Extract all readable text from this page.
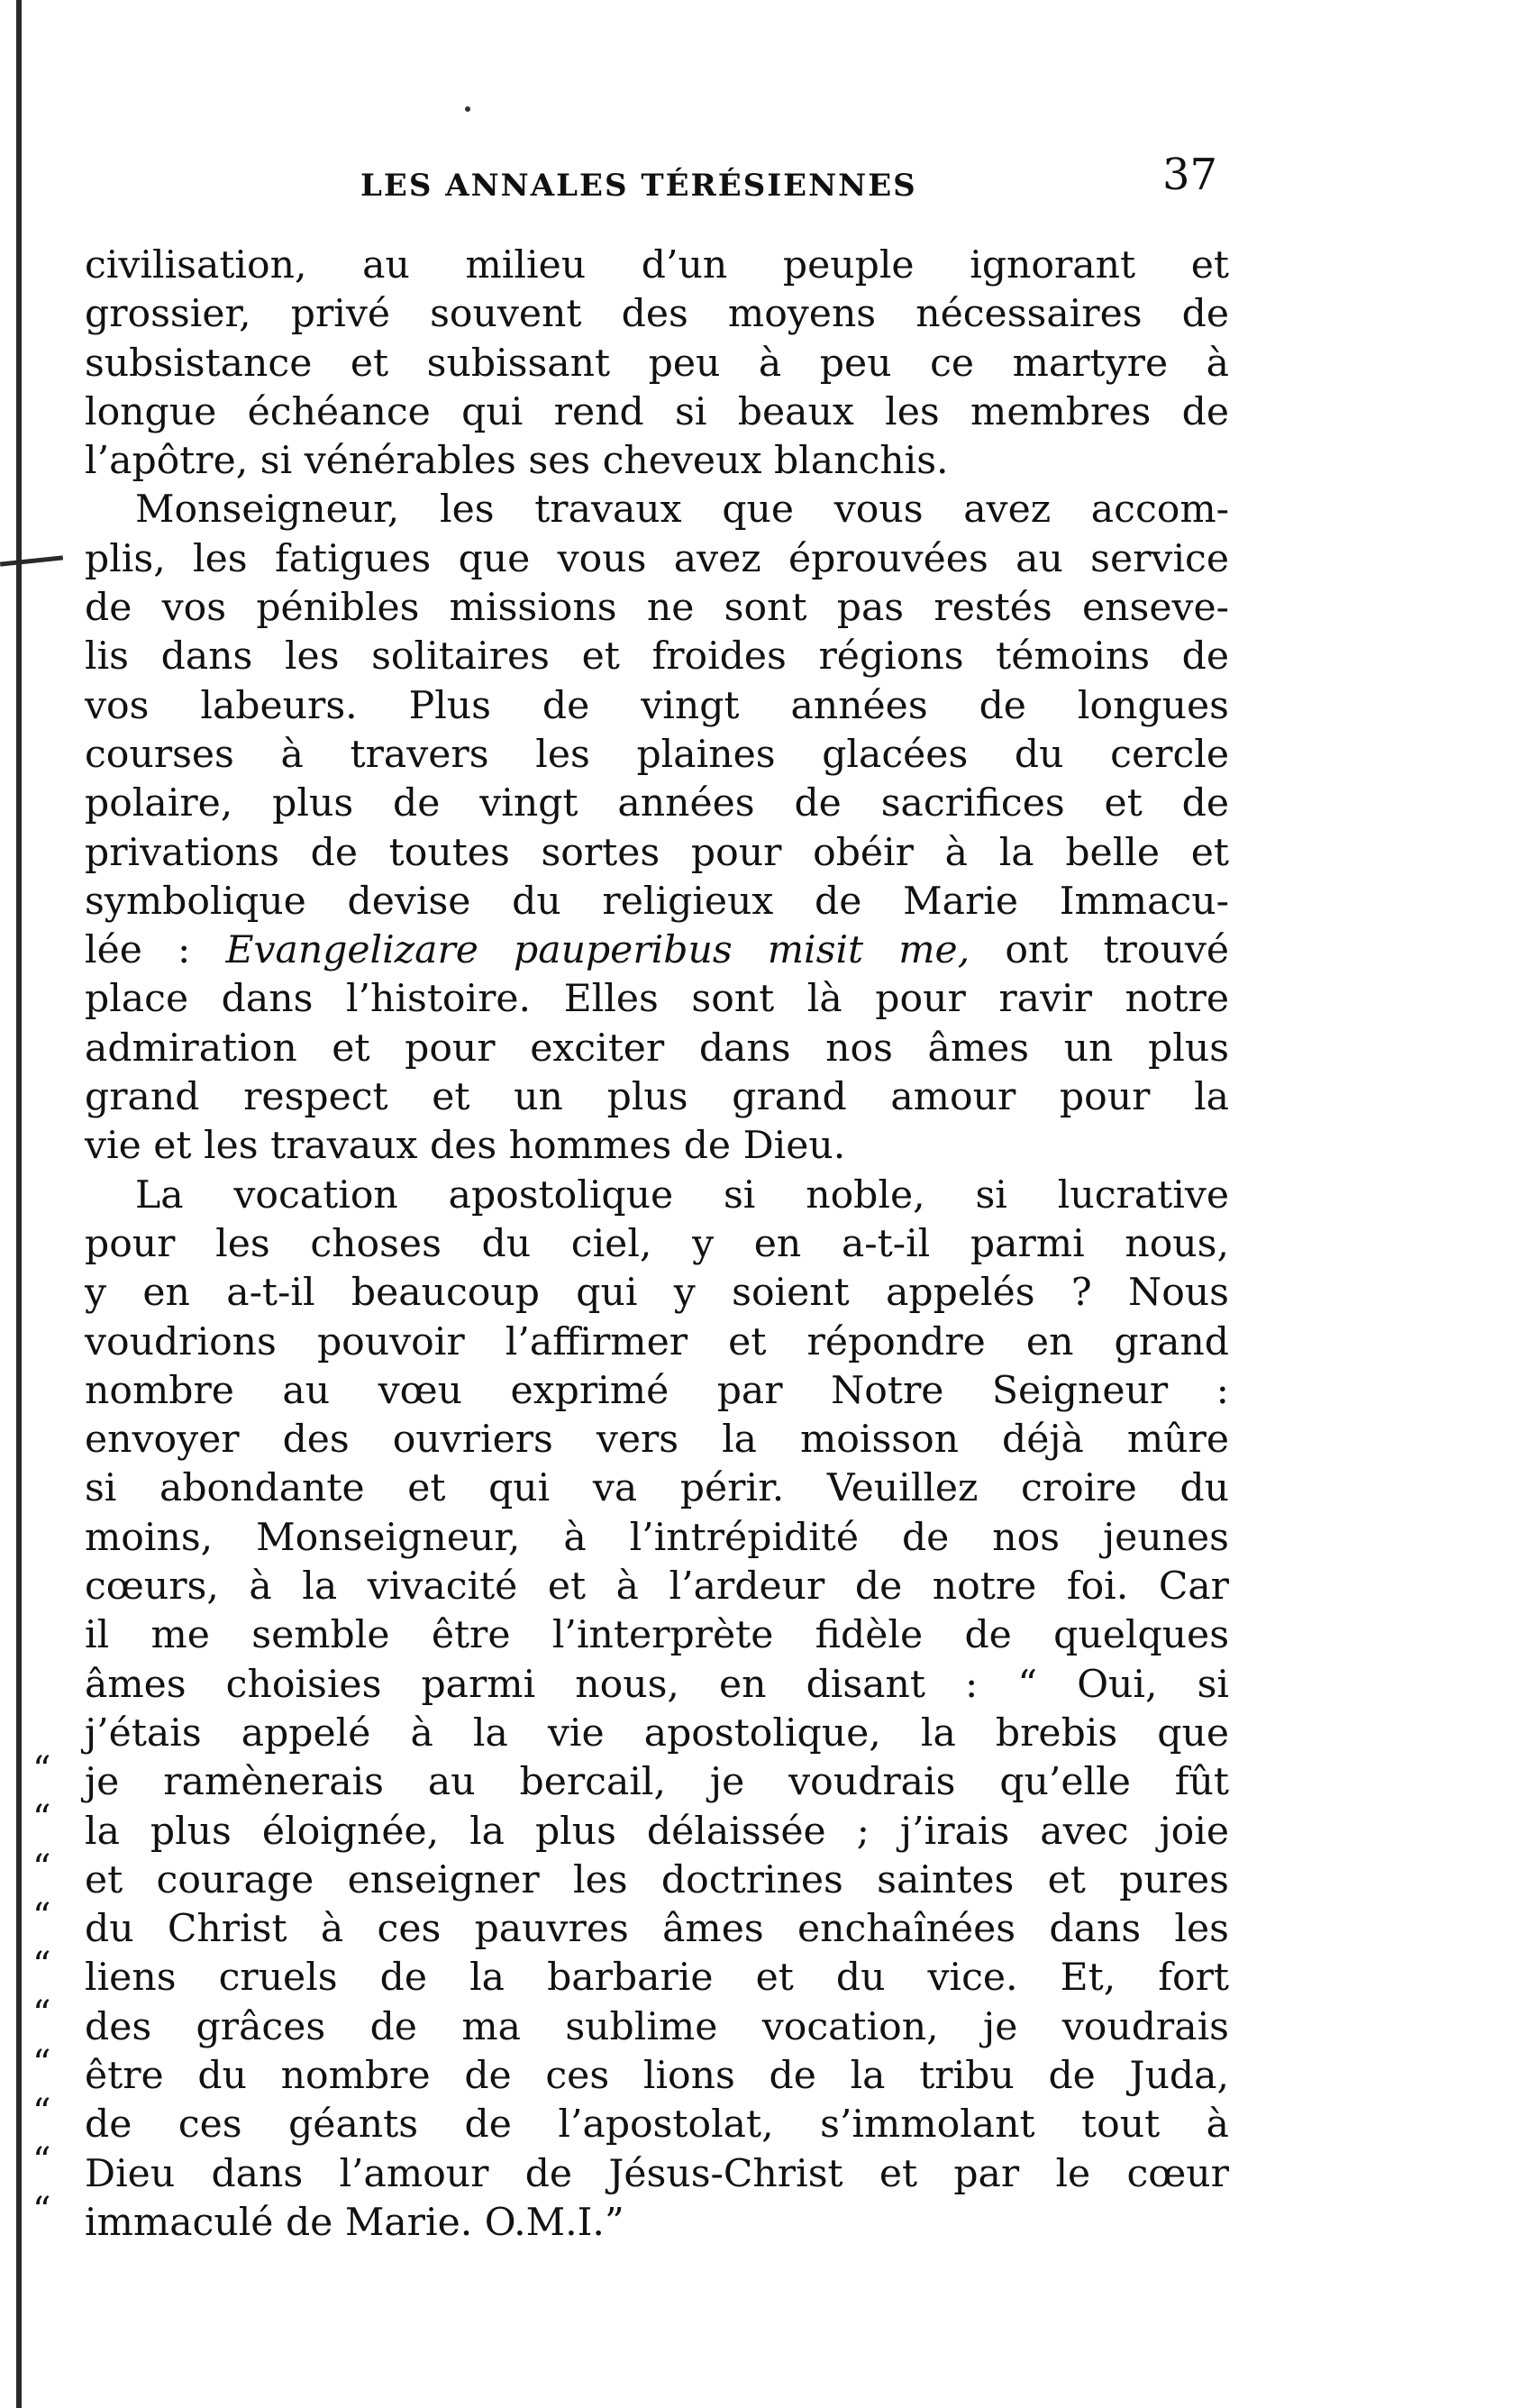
LES ANNALES TÉRÉSIENNES	37
civilisation, au milieu d’un peuple ignorant et
grossier, privé souvent des moyens nécessaires de
subsistance et subissant peu à peu ce martyre à
longue échéance qui rend si beaux les membres de
l’apôtre, si vénérables ses cheveux blanchis.
Monseigneur, les travaux que vous avez accom-
plis, les fatigues que vous avez éprouvées au service
de vos pénibles missions ne sont pas restés enseve-
lis dans les solitaires et froides régions témoins de
vos labeurs. Plus de vingt années de longues
courses à travers les plaines glacées du cercle
polaire, plus de vingt années de sacrifices et de
privations de toutes sortes pour obéir à la belle et
symbolique devise du religieux de Marie Immacu-
lée : Evangelizare pauperibus misit me, ont trouvé
place dans l’histoire. Elles sont là pour ravir notre
admiration et pour exciter dans nos âmes un plus
grand respect et un plus grand amour pour la
vie et les travaux des hommes de Dieu.
La vocation apostolique si noble, si lucrative
pour les choses du ciel, y en a-t-il parmi nous,
y en a-t-il beaucoup qui y soient appelés ? Nous
voudrions pouvoir l’affirmer et répondre en grand
nombre au vœu exprimé par Notre Seigneur :
envoyer des ouvriers vers la moisson déjà mûre
si abondante et qui va périr. Veuillez croire du
moins, Monseigneur, à l’intrépidité de nos jeunes
cœurs, à la vivacité et à l’ardeur de notre foi. Car
il me semble être l’interprète fidèle de quelques
âmes choisies parmi nous, en disant : “ Oui, si
“
j’étais appelé à la vie apostolique, la brebis que
“
je ramènerais au bercail, je voudrais qu’elle fût
“
la plus éloignée, la plus délaissée ; j’irais avec joie
“
et courage enseigner les doctrines saintes et pures
“
du Christ à ces pauvres âmes enchaînées dans les
“
liens cruels de la barbarie et du vice. Et, fort
“
des grâces de ma sublime vocation, je voudrais
“
être du nombre de ces lions de la tribu de Juda,
“
de ces géants de l’apostolat, s’immolant tout à
“
Dieu dans l’amour de Jésus-Christ et par le cœur
immaculé de Marie. O.M.I.”
